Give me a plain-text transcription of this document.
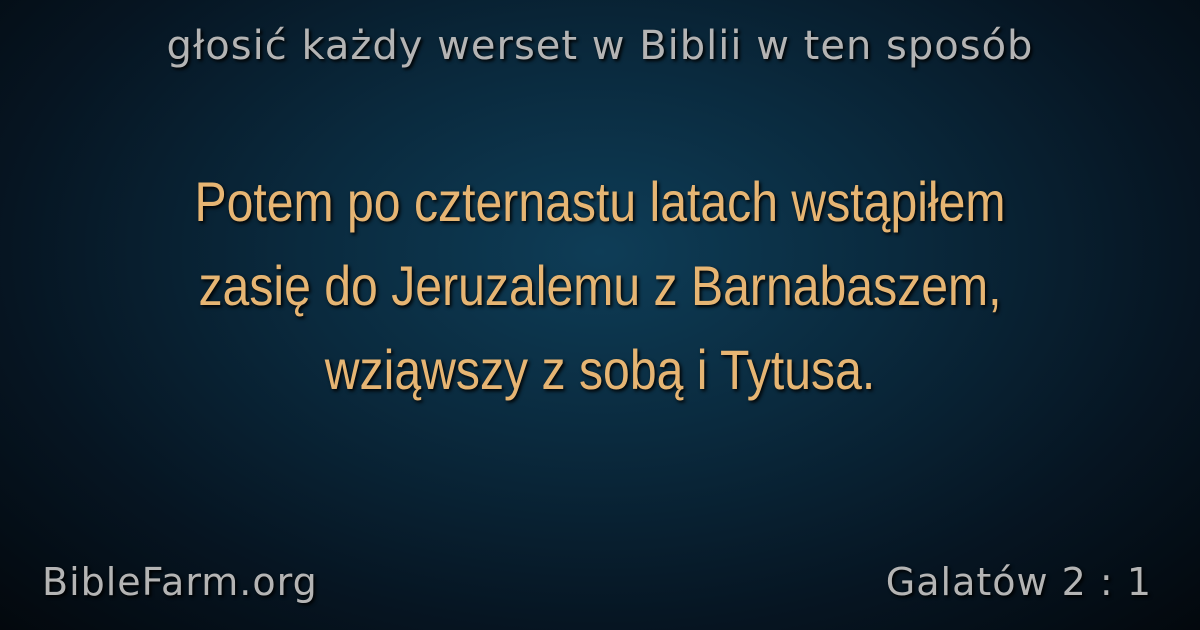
głosić każdy werset w Biblii w ten sposób
Potem po czternastu latach wstąpiłem
zasię do Jeruzalemu z Barnabaszem,
wziąwszy z sobą i Tytusa.
BibleFarm.org	Galatów 2 : 1
